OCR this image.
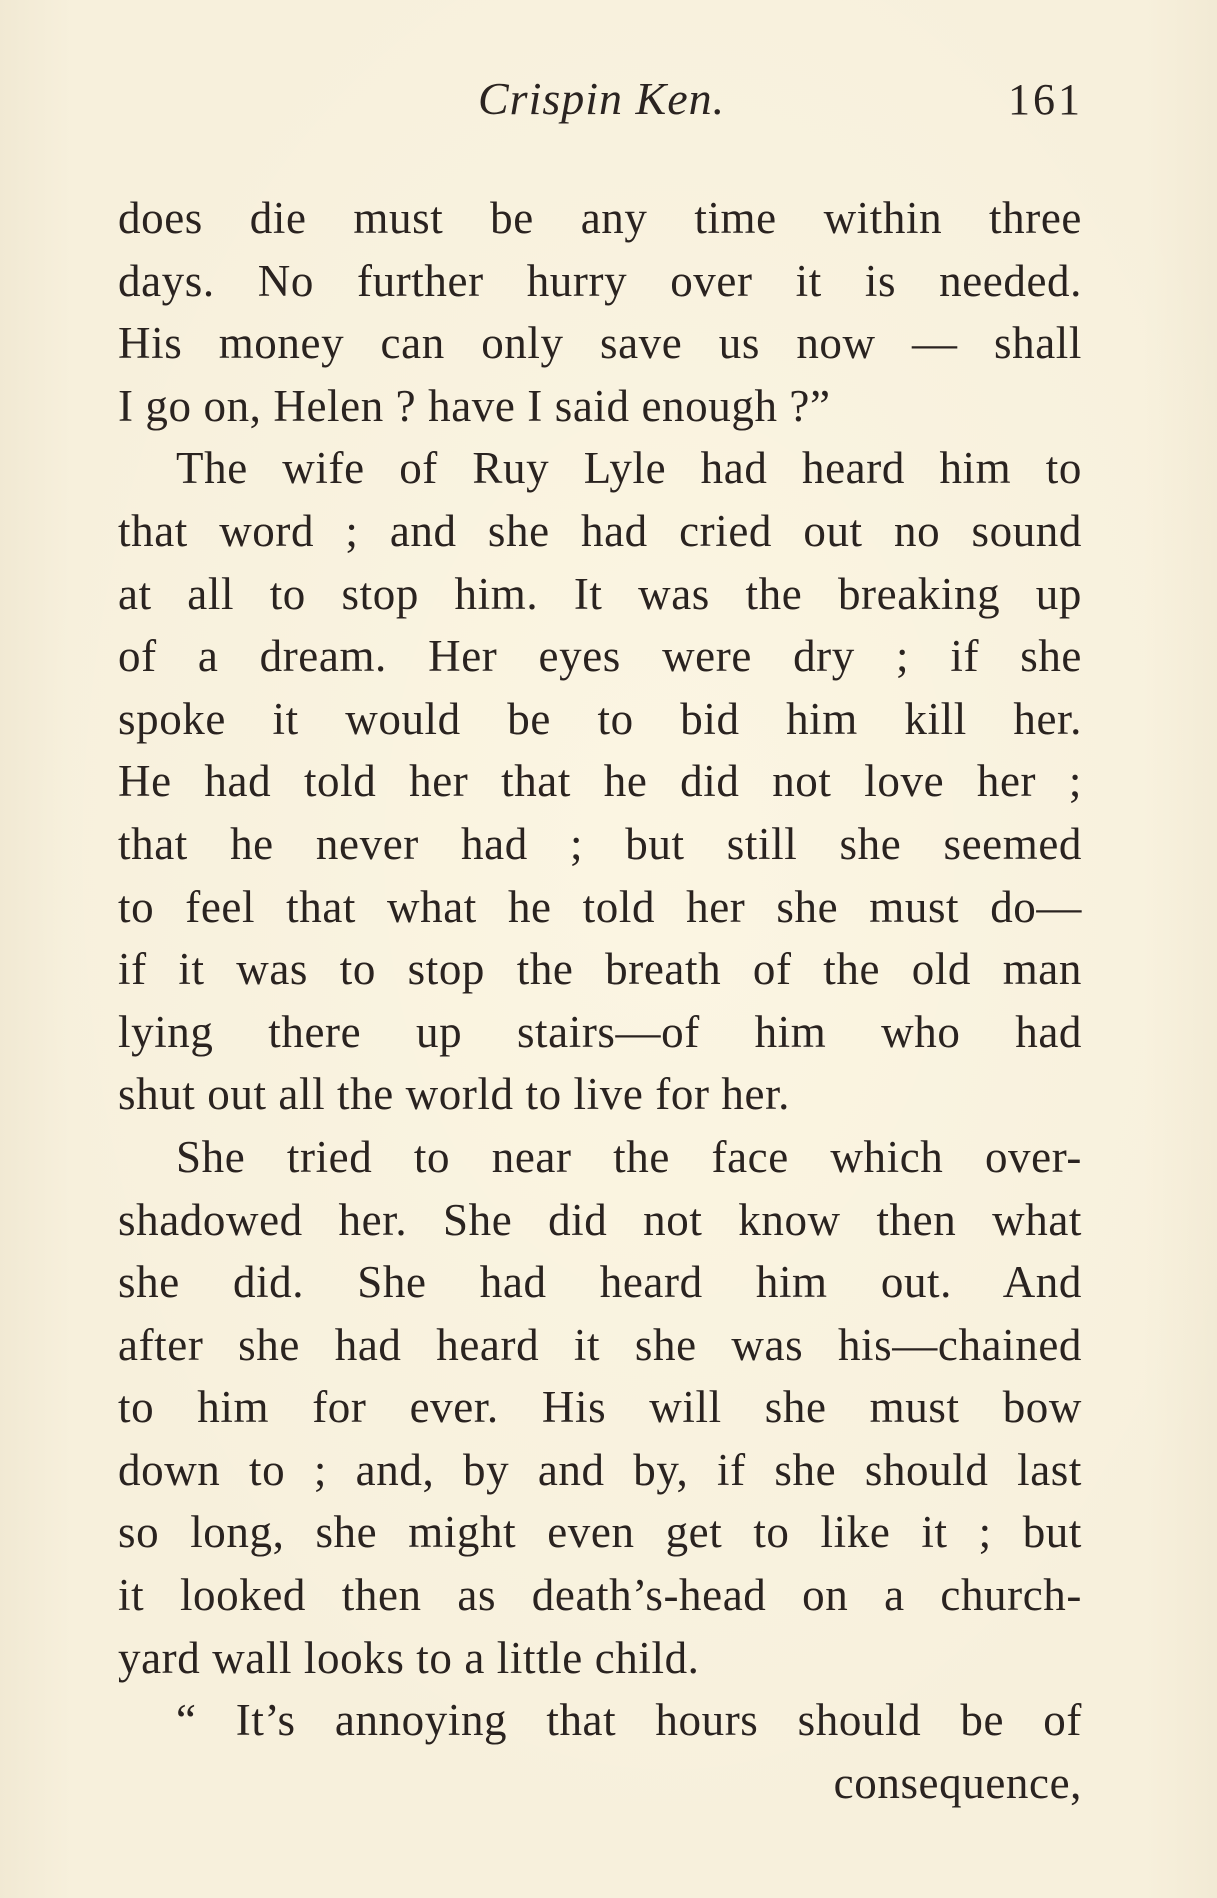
Crispin Ken.	161
does die must be any time within three
days. No further hurry over it is needed.
His money can only save us now — shall
I go on, Helen ? have I said enough ?”
The wife of Ruy Lyle had heard him to
that word ; and she had cried out no sound
at all to stop him. It was the breaking up
of a dream. Her eyes were dry ; if she
spoke it would be to bid him kill her.
He had told her that he did not love her ;
that he never had ; but still she seemed
to feel that what he told her she must do—
if it was to stop the breath of the old man
lying there up stairs—of him who had
shut out all the world to live for her.
She tried to near the face which over-
shadowed her. She did not know then what
she did. She had heard him out. And
after she had heard it she was his—chained
to him for ever. His will she must bow
down to ; and, by and by, if she should last
so long, she might even get to like it ; but
it looked then as death’s-head on a church-
yard wall looks to a little child.
“ It’s annoying that hours should be of
consequence,
